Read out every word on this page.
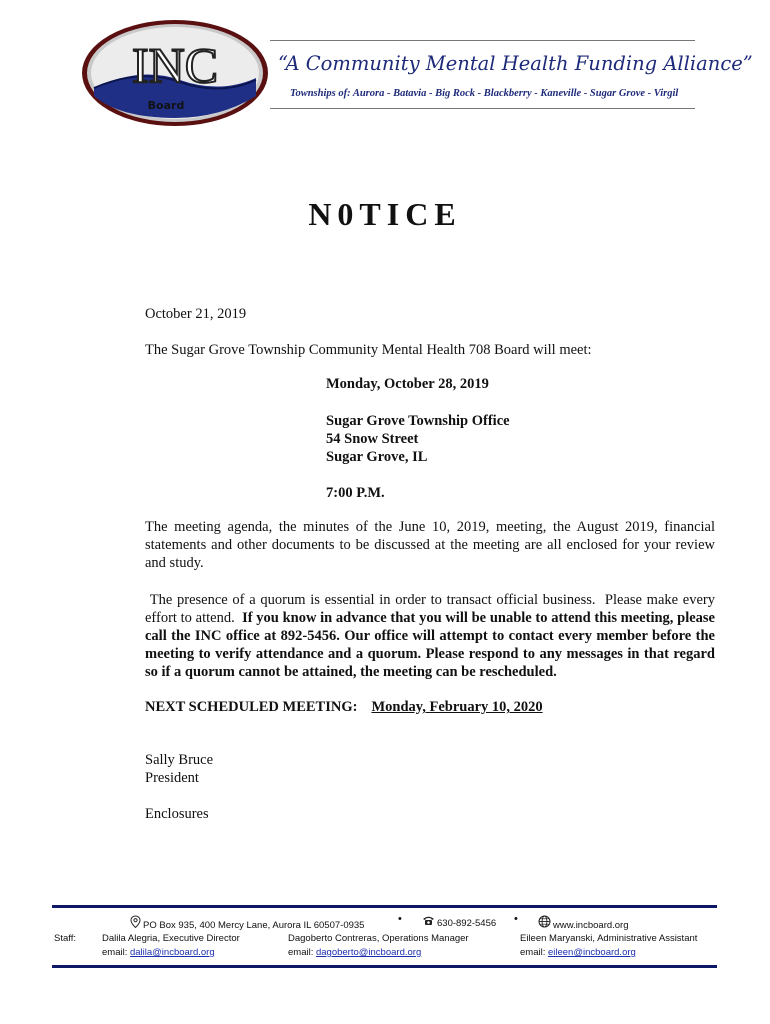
INC
Board
“A Community Mental Health Funding Alliance”
Townships of: Aurora - Batavia - Big Rock - Blackberry - Kaneville - Sugar Grove - Virgil
N0TICE
October 21, 2019
The Sugar Grove Township Community Mental Health 708 Board will meet:
Monday, October 28, 2019
Sugar Grove Township Office
54 Snow Street
Sugar Grove, IL
7:00 P.M.
The meeting agenda, the minutes of the June 10, 2019, meeting, the August 2019, financial statements and other documents to be discussed at the meeting are all enclosed for your review and study.
The presence of a quorum is essential in order to transact official business.  Please make every effort to attend.  If you know in advance that you will be unable to attend this meeting, please call the INC office at 892-5456. Our office will attempt to contact every member before the meeting to verify attendance and a quorum. Please respond to any messages in that regard so if a quorum cannot be attained, the meeting can be rescheduled.
NEXT SCHEDULED MEETING: Monday, February 10, 2020
Sally Bruce
President
Enclosures
PO Box 935, 400 Mercy Lane, Aurora IL 60507-0935
•	630-892-5456 •
www.incboard.org
Staff:	Dalila Alegria, Executive Director
email: dalila@incboard.org
Dagoberto Contreras, Operations Manager
email: dagoberto@incboard.org
Eileen Maryanski, Administrative Assistant
email: eileen@incboard.org
